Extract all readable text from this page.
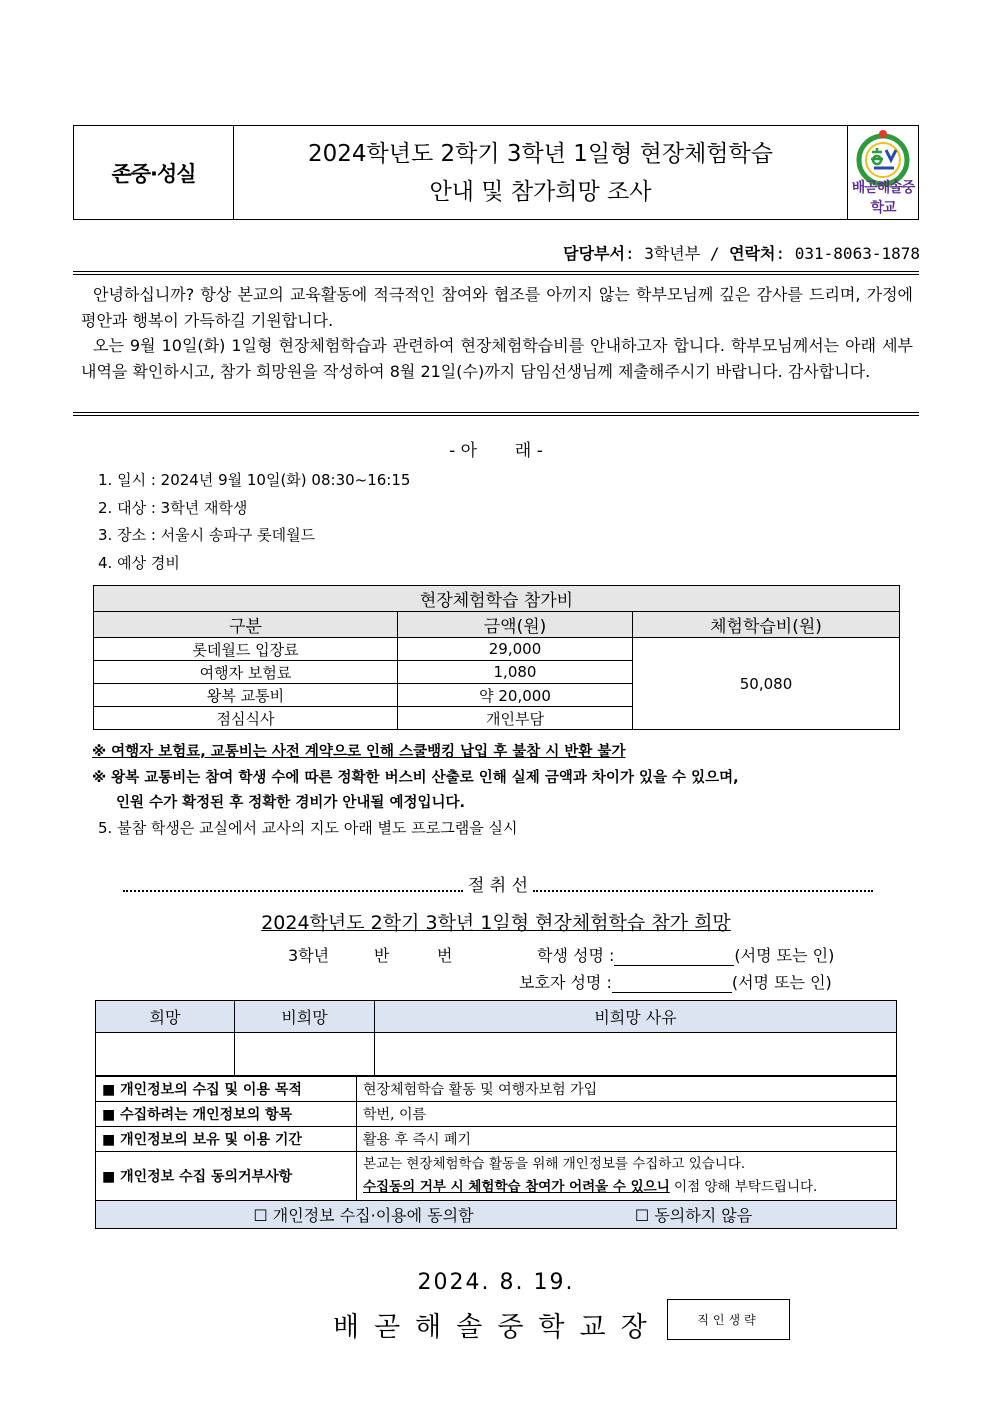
존중·성실
2024학년도 2학기 3학년 1일형 현장체험학습
안내 및 참가희망 조사	배곧해솔중학교
담당부서: 3학년부 / 연락처: 031-8063-1878

안녕하십니까? 항상 본교의 교육활동에 적극적인 참여와 협조를 아끼지 않는 학부모님께 깊은 감사를 드리며, 가정에 평안과 행복이 가득하길 기원합니다.

오는 9월 10일(화) 1일형 현장체험학습과 관련하여 현장체험학습비를 안내하고자 합니다. 학부모님께서는 아래 세부내역을 확인하시고, 참가 희망원을 작성하여 8월 21일(수)까지 담임선생님께 제출해주시기 바랍니다. 감사합니다.

- 아       래 -
1. 일시 : 2024년 9월 10일(화) 08:30~16:15
2. 대상 : 3학년 재학생
3. 장소 : 서울시 송파구 롯데월드
4. 예상 경비
현장체험학습 참가비		
구분	금액(원)	체험학습비(원)
롯데월드 입장료	29,000	50,080
여행자 보험료	1,080	
왕복 교통비	약 20,000	
점심식사	개인부담	
※ 여행자 보험료, 교통비는 사전 계약으로 인해 스쿨뱅킹 납입 후 불참 시 반환 불가
※ 왕복 교통비는 참여 학생 수에 따른 정확한 버스비 산출로 인해 실제 금액과 차이가 있을 수 있으며,
인원 수가 확정된 후 정확한 경비가 안내될 예정입니다.
5. 불참 학생은 교실에서 교사의 지도 아래 별도 프로그램을 실시
절 취 선
2024학년도 2학기 3학년 1일형 현장체험학습 참가 희망
3학년	반	번	학생 성명 :	(서명 또는 인)
보호자 성명 :	(서명 또는 인)
희망	비희망	비희망 사유

■ 개인정보의 수집 및 이용 목적	현장체험학습 활동 및 여행자보험 가입
■ 수집하려는 개인정보의 항목	학번, 이름
■ 개인정보의 보유 및 이용 기간	활용 후 즉시 폐기
■ 개인정보 수집 동의거부사항	본교는 현장체험학습 활동을 위해 개인정보를 수집하고 있습니다.
수집동의 거부 시 체험학습 참여가 어려울 수 있으니 이점 양해 부탁드립니다.

☐ 개인정보 수집·이용에 동의함 ☐ 동의하지 않음	
2024. 8. 19.
배곧해솔중학교장	직인생략
